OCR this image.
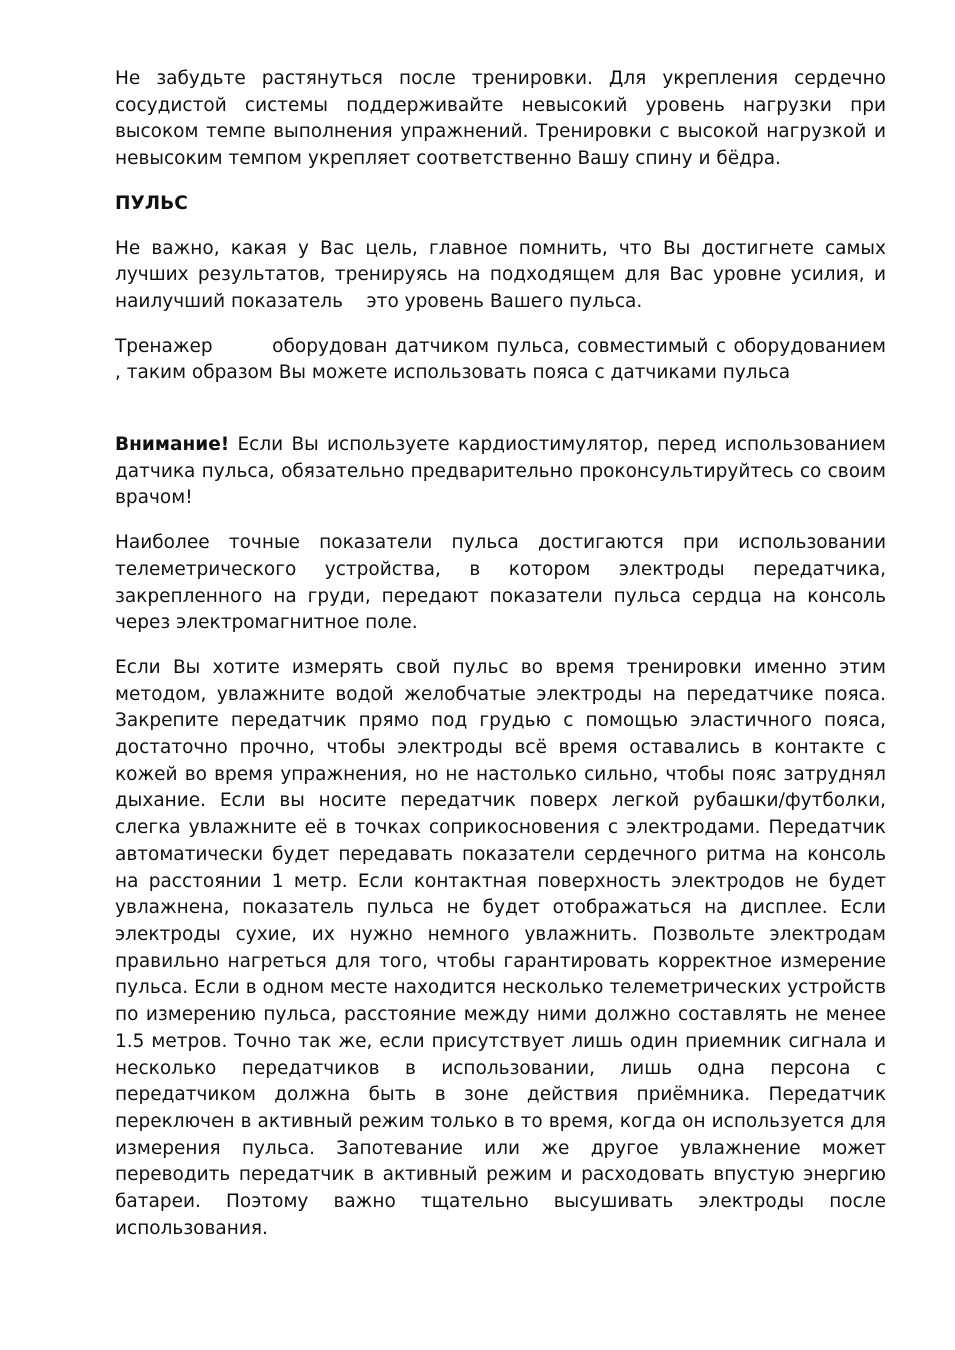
Не забудьте растянуться после тренировки. Для укрепления сердечно сосудистой системы поддерживайте невысокий уровень нагрузки при высоком темпе выполнения упражнений. Тренировки с высокой нагрузкой и невысоким темпом укрепляет соответственно Вашу спину и бёдра.

ПУЛЬС

Не важно, какая у Вас цель, главное помнить, что Вы достигнете самых лучших результатов, тренируясь на подходящем для Вас уровне усилия, и наилучший показатель    это уровень Вашего пульса.

Тренажер        оборудован датчиком пульса, совместимый с оборудованием        , таким образом Вы можете использовать пояса с датчиками пульса

Внимание! Если Вы используете кардиостимулятор, перед использованием датчика пульса, обязательно предварительно проконсультируйтесь со своим врачом!

Наиболее точные показатели пульса достигаются при использовании телеметрического устройства, в котором электроды передатчика, закрепленного на груди, передают показатели пульса сердца на консоль через электромагнитное поле.

Если Вы хотите измерять свой пульс во время тренировки именно этим методом, увлажните водой желобчатые электроды на передатчике пояса. Закрепите передатчик прямо под грудью с помощью эластичного пояса, достаточно прочно, чтобы электроды всё время оставались в контакте с кожей во время упражнения, но не настолько сильно, чтобы пояс затруднял дыхание. Если вы носите передатчик поверх легкой рубашки/футболки, слегка увлажните её в точках соприкосновения с электродами. Передатчик автоматически будет передавать показатели сердечного ритма на консоль на расстоянии 1 метр. Если контактная поверхность электродов не будет увлажнена, показатель пульса не будет отображаться на дисплее. Если электроды сухие, их нужно немного увлажнить. Позвольте электродам правильно нагреться для того, чтобы гарантировать корректное измерение пульса. Если в одном месте находится несколько телеметрических устройств по измерению пульса, расстояние между ними должно составлять не менее 1.5 метров. Точно так же, если присутствует лишь один приемник сигнала и несколько передатчиков в использовании, лишь одна персона с передатчиком должна быть в зоне действия приёмника. Передатчик переключен в активный режим только в то время, когда он используется для измерения пульса. Запотевание или же другое увлажнение может переводить передатчик в активный режим и расходовать впустую энергию батареи. Поэтому важно тщательно высушивать электроды после использования.
